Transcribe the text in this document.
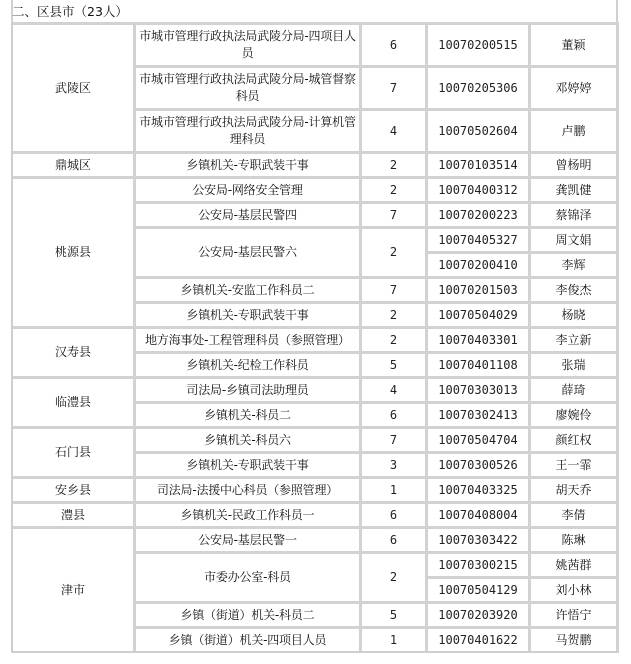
二、区县市（23人）
武陵区	市城市管理行政执法局武陵分局-四项目人员	6	10070200515	董颖
	市城市管理行政执法局武陵分局-城管督察科员	7	10070205306	邓婷婷
	市城市管理行政执法局武陵分局-计算机管理科员	4	10070502604	卢鹏
鼎城区	乡镇机关-专职武装干事	2	10070103514	曾杨明
桃源县	公安局-网络安全管理	2	10070400312	龚凯健
	公安局-基层民警四	7	10070200223	蔡锦泽
	公安局-基层民警六	2	10070405327	周文娟
			10070200410	李辉
	乡镇机关-安监工作科员二	7	10070201503	李俊杰
	乡镇机关-专职武装干事	2	10070504029	杨晓
汉寿县	地方海事处-工程管理科员（参照管理）	2	10070403301	李立新
	乡镇机关-纪检工作科员	5	10070401108	张瑞
临澧县	司法局-乡镇司法助理员	4	10070303013	薛琦
	乡镇机关-科员二	6	10070302413	廖婉伶
石门县	乡镇机关-科员六	7	10070504704	颜红权
	乡镇机关-专职武装干事	3	10070300526	王一霏
安乡县	司法局-法援中心科员（参照管理）	1	10070403325	胡天乔
澧县	乡镇机关-民政工作科员一	6	10070408004	李倩
津市	公安局-基层民警一	6	10070303422	陈琳
	市委办公室-科员	2	10070300215	姚茜群
			10070504129	刘小林
	乡镇（街道）机关-科员二	5	10070203920	许悟宁
	乡镇（街道）机关-四项目人员	1	10070401622	马贺鹏
